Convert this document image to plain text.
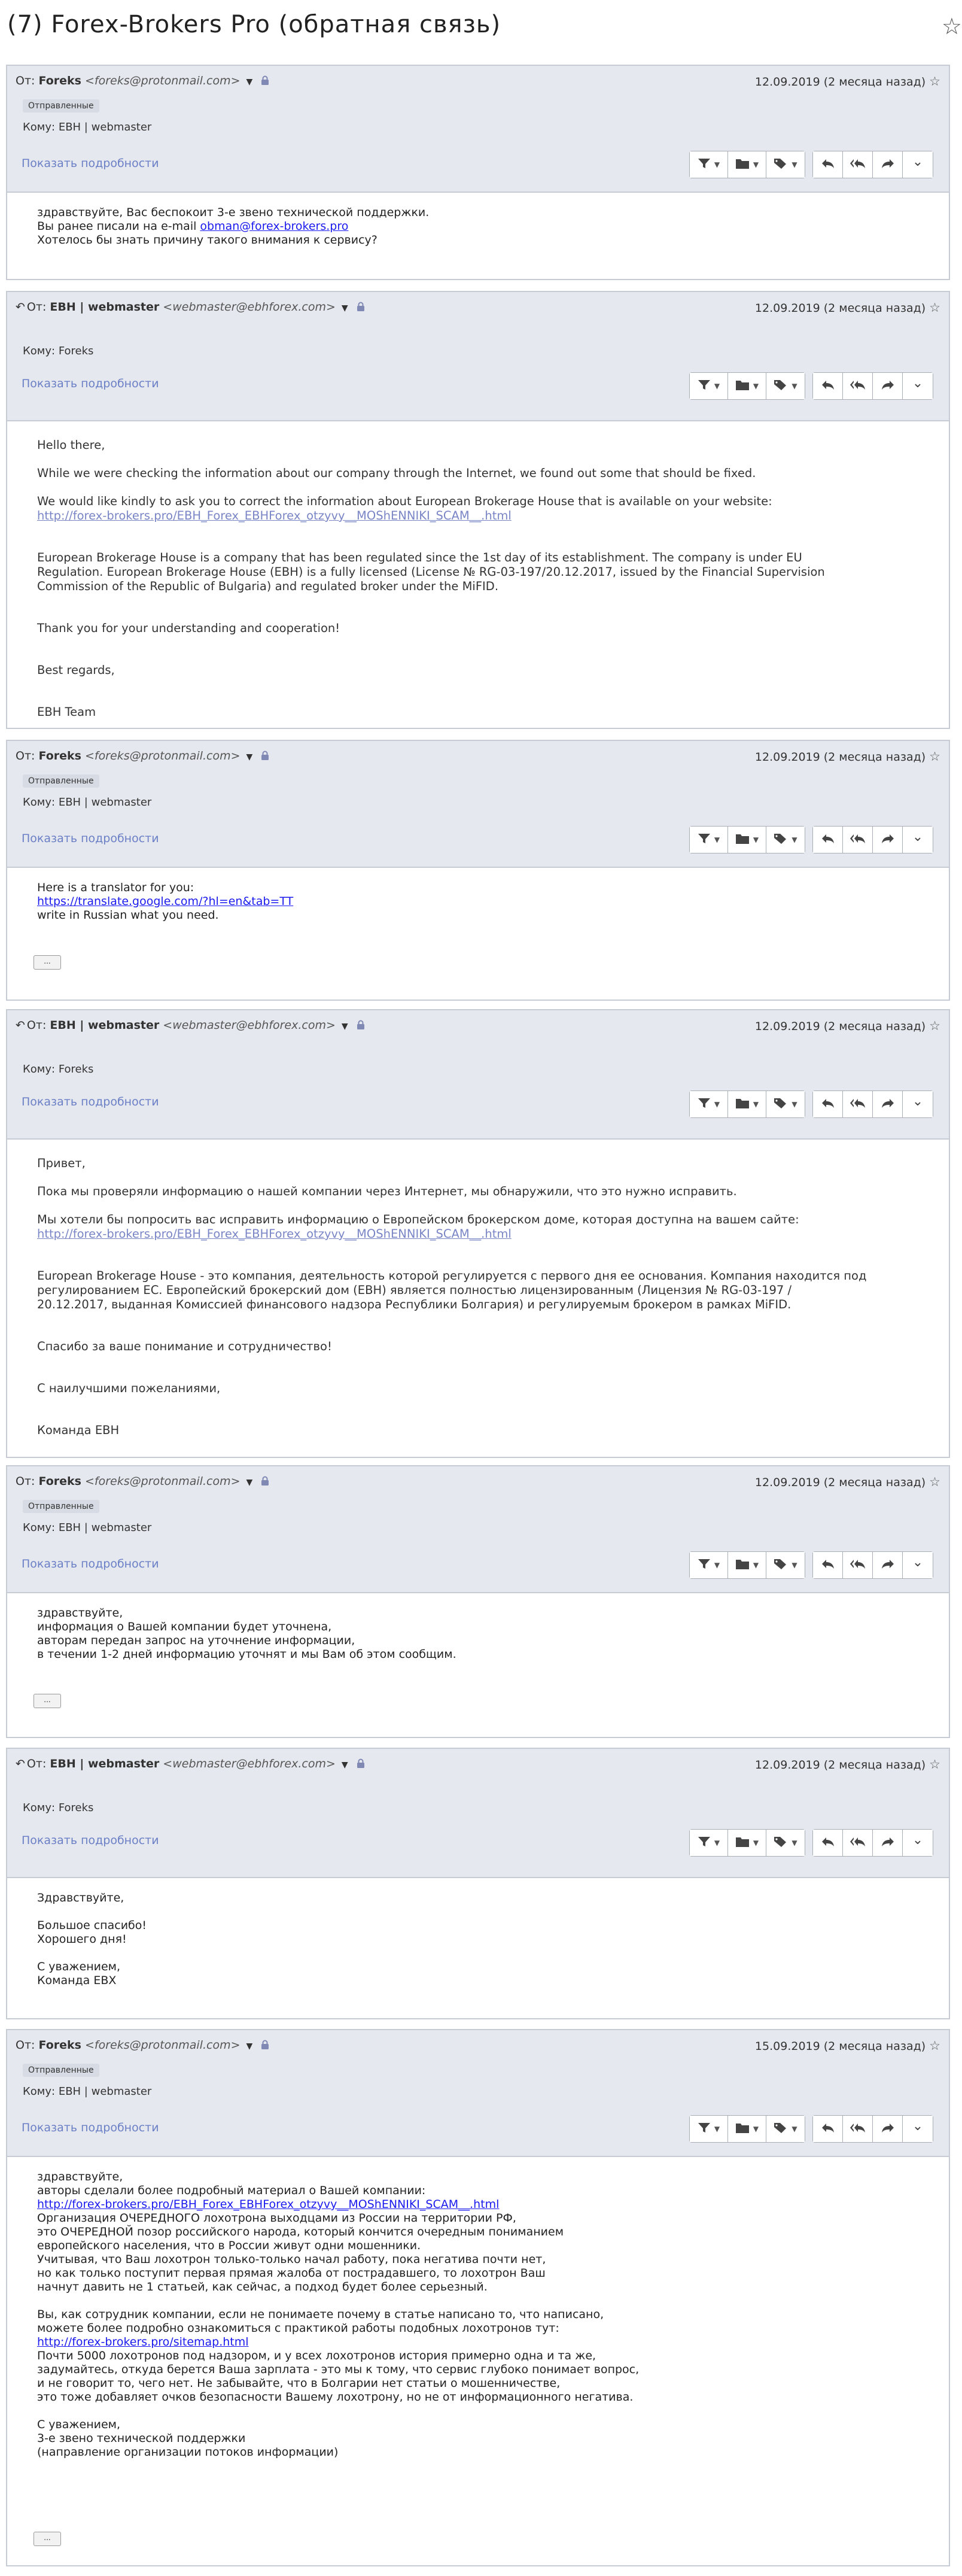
(7) Forex-Brokers Pro (обратная связь)	☆
От: Foreks <foreks@protonmail.com> ▼	12.09.2019 (2 месяца назад) ☆
Отправленные
Кому: EBH | webmaster
Показать подробности	▼	▼	▼	⌄
здравствуйте, Вас беспокоит 3-е звено технической поддержки.
Вы ранее писали на e-mail obman@forex-brokers.pro
Хотелось бы знать причину такого внимания к сервису?
↶ От: EBH | webmaster <webmaster@ebhforex.com> ▼	12.09.2019 (2 месяца назад) ☆
Кому: Foreks
Показать подробности	▼	▼	▼	⌄
Hello there,
While we were checking the information about our company through the Internet, we found out some that should be fixed.
We would like kindly to ask you to correct the information about European Brokerage House that is available on your website:
http://forex-brokers.pro/EBH_Forex_EBHForex_otzyvy__MOShENNIKI_SCAM__.html
European Brokerage House is a company that has been regulated since the 1st day of its establishment. The company is under EU
Regulation. European Brokerage House (EBH) is a fully licensed (License № RG-03-197/20.12.2017, issued by the Financial Supervision
Commission of the Republic of Bulgaria) and regulated broker under the MiFID.
Thank you for your understanding and cooperation!
Best regards,
EBH Team
От: Foreks <foreks@protonmail.com> ▼	12.09.2019 (2 месяца назад) ☆
Отправленные
Кому: EBH | webmaster
Показать подробности	▼	▼	▼	⌄
Here is a translator for you:
https://translate.google.com/?hl=en&tab=TT
write in Russian what you need.
...
↶ От: EBH | webmaster <webmaster@ebhforex.com> ▼	12.09.2019 (2 месяца назад) ☆
Кому: Foreks
Показать подробности	▼	▼	▼	⌄
Привет,
Пока мы проверяли информацию о нашей компании через Интернет, мы обнаружили, что это нужно исправить.
Мы хотели бы попросить вас исправить информацию о Европейском брокерском доме, которая доступна на вашем сайте:
http://forex-brokers.pro/EBH_Forex_EBHForex_otzyvy__MOShENNIKI_SCAM__.html
European Brokerage House - это компания, деятельность которой регулируется с первого дня ее основания. Компания находится под
регулированием ЕС. Европейский брокерский дом (ЕВН) является полностью лицензированным (Лицензия № RG-03-197 /
20.12.2017, выданная Комиссией финансового надзора Республики Болгария) и регулируемым брокером в рамках MiFID.
Спасибо за ваше понимание и сотрудничество!
С наилучшими пожеланиями,
Команда ЕВН
От: Foreks <foreks@protonmail.com> ▼	12.09.2019 (2 месяца назад) ☆
Отправленные
Кому: EBH | webmaster
Показать подробности	▼	▼	▼	⌄
здравствуйте,
информация о Вашей компании будет уточнена,
авторам передан запрос на уточнение информации,
в течении 1-2 дней информацию уточнят и мы Вам об этом сообщим.
...
↶ От: EBH | webmaster <webmaster@ebhforex.com> ▼	12.09.2019 (2 месяца назад) ☆
Кому: Foreks
Показать подробности	▼	▼	▼	⌄
Здравствуйте,
Большое спасибо!
Хорошего дня!
С уважением,
Команда ЕВХ
От: Foreks <foreks@protonmail.com> ▼	15.09.2019 (2 месяца назад) ☆
Отправленные
Кому: EBH | webmaster
Показать подробности	▼	▼	▼	⌄
здравствуйте,
авторы сделали более подробный материал о Вашей компании:
http://forex-brokers.pro/EBH_Forex_EBHForex_otzyvy__MOShENNIKI_SCAM__.html
Организация ОЧЕРЕДНОГО лохотрона выходцами из России на территории РФ,
это ОЧЕРЕДНОЙ позор российского народа, который кончится очередным пониманием
европейского населения, что в России живут одни мошенники.
Учитывая, что Ваш лохотрон только-только начал работу, пока негатива почти нет,
но как только поступит первая прямая жалоба от пострадавшего, то лохотрон Ваш
начнут давить не 1 статьей, как сейчас, а подход будет более серьезный.
Вы, как сотрудник компании, если не понимаете почему в статье написано то, что написано,
можете более подробно ознакомиться с практикой работы подобных лохотронов тут:
http://forex-brokers.pro/sitemap.html
Почти 5000 лохотронов под надзором, и у всех лохотронов история примерно одна и та же,
задумайтесь, откуда берется Ваша зарплата - это мы к тому, что сервис глубоко понимает вопрос,
и не говорит то, чего нет. Не забывайте, что в Болгарии нет статьи о мошенничестве,
это тоже добавляет очков безопасности Вашему лохотрону, но не от информационного негатива.
С уважением,
3-е звено технической поддержки
(направление организации потоков информации)
...
